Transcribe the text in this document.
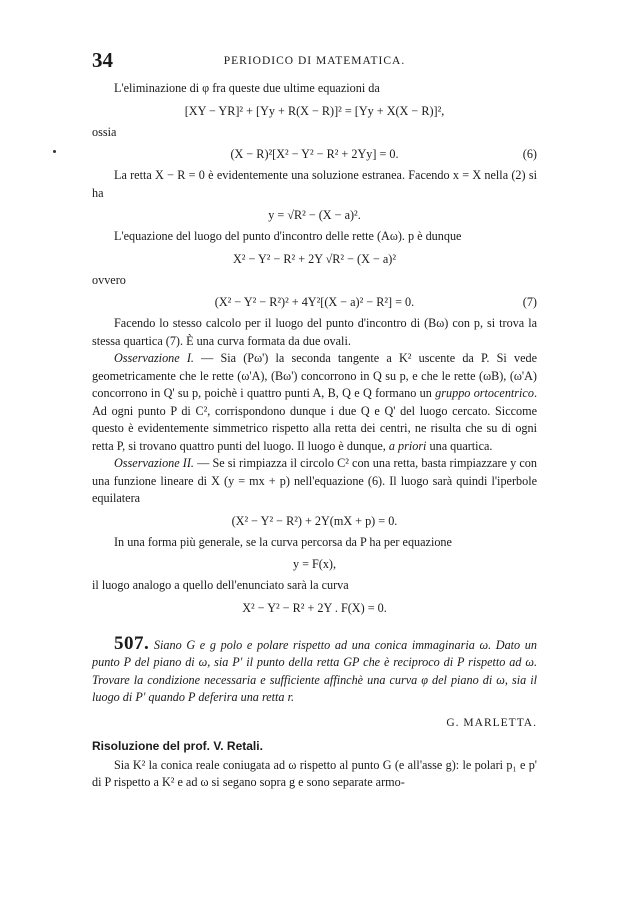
34	PERIODICO DI MATEMATICA.

L'eliminazione di φ fra queste due ultime equazioni da

[XY − YR]² + [Yy + R(X − R)]² = [Yy + X(X − R)]²,

ossia

(X − R)²[X² − Y² − R² + 2Yy] = 0.	(6)

La retta X − R = 0 è evidentemente una soluzione estranea. Facendo x = X nella (2) si ha

y = √R² − (X − a)².

L'equazione del luogo del punto d'incontro delle rette (Aω). p è dunque

X² − Y² − R² + 2Y √R² − (X − a)²

ovvero

(X² − Y² − R²)² + 4Y²[(X − a)² − R²] = 0.	(7)

Facendo lo stesso calcolo per il luogo del punto d'incontro di (Bω) con p, si trova la stessa quartica (7). È una curva formata da due ovali.

Osservazione I. — Sia (Pω') la seconda tangente a K² uscente da P. Si vede geometricamente che le rette (ω'A), (Bω') concorrono in Q su p, e che le rette (ωB), (ω'A) concorrono in Q' su p, poichè i quattro punti A, B, Q e Q formano un gruppo ortocentrico. Ad ogni punto P di C², corrispondono dunque i due Q e Q' del luogo cercato. Siccome questo è evidentemente simmetrico rispetto alla retta dei centri, ne risulta che su di ogni retta P, si trovano quattro punti del luogo. Il luogo è dunque, a priori una quartica.

Osservazione II. — Se si rimpiazza il circolo C² con una retta, basta rimpiazzare y con una funzione lineare di X (y = mx + p) nell'equazione (6). Il luogo sarà quindi l'iperbole equilatera

(X² − Y² − R²) + 2Y(mX + p) = 0.

In una forma più generale, se la curva percorsa da P ha per equazione

y = F(x),

il luogo analogo a quello dell'enunciato sarà la curva

X² − Y² − R² + 2Y . F(X) = 0.

507. Siano G e g polo e polare rispetto ad una conica immaginaria ω. Dato un punto P del piano di ω, sia P' il punto della retta GP che è reciproco di P rispetto ad ω. Trovare la condizione necessaria e sufficiente affinchè una curva φ del piano di ω, sia il luogo di P' quando P deferira una retta r.

G. MARLETTA.
Risoluzione del prof. V. Retali.

Sia K² la conica reale coniugata ad ω rispetto al punto G (e all'asse g): le polari p₁ e p' di P rispetto a K² e ad ω si segano sopra g e sono separate armo-
